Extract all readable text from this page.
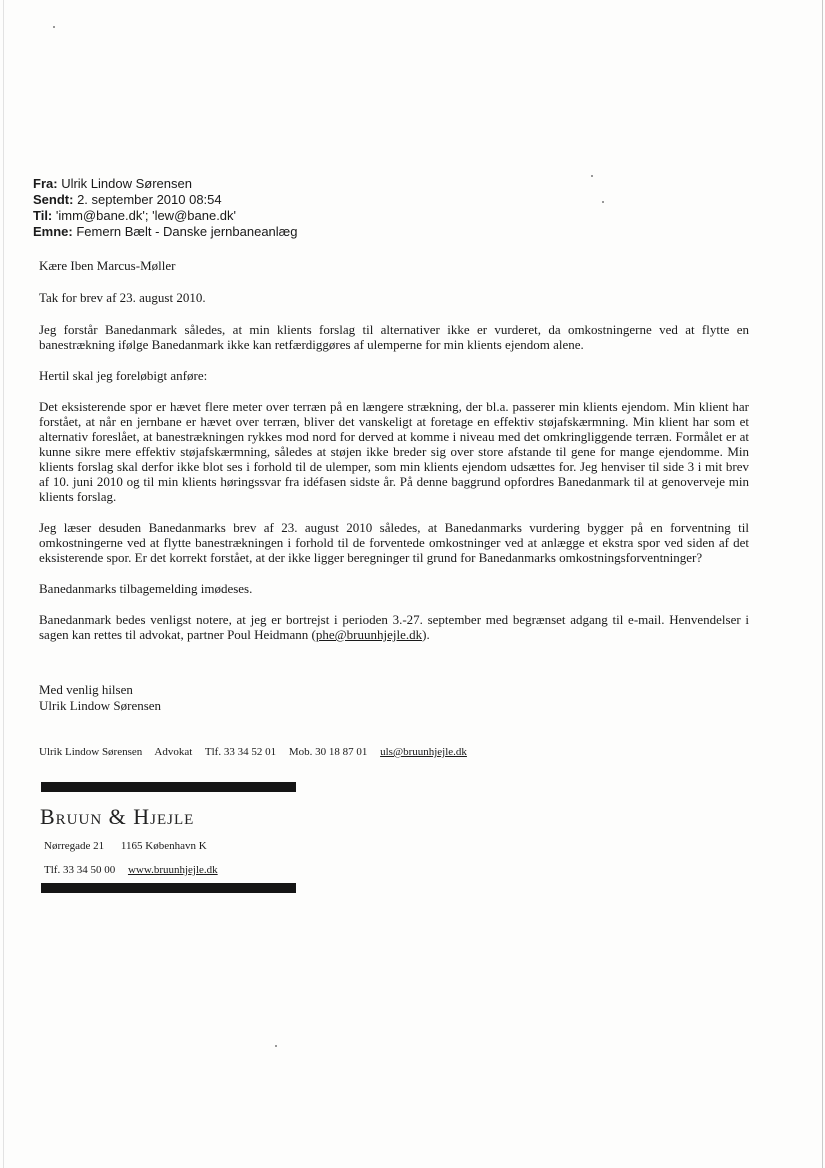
Fra: Ulrik Lindow Sørensen
Sendt: 2. september 2010 08:54
Til: 'imm@bane.dk'; 'lew@bane.dk'
Emne: Femern Bælt - Danske jernbaneanlæg

Kære Iben Marcus-Møller

Tak for brev af 23. august 2010.

Jeg forstår Banedanmark således, at min klients forslag til alternativer ikke er vurderet, da omkostningerne ved at flytte en banestrækning ifølge Banedanmark ikke kan retfærdiggøres af ulemperne for min klients ejendom alene.

Hertil skal jeg foreløbigt anføre:

Det eksisterende spor er hævet flere meter over terræn på en længere strækning, der bl.a. passerer min klients ejendom. Min klient har forstået, at når en jernbane er hævet over terræn, bliver det vanskeligt at foretage en effektiv støjafskærmning. Min klient har som et alternativ foreslået, at banestrækningen rykkes mod nord for derved at komme i niveau med det omkringliggende terræn. Formålet er at kunne sikre mere effektiv støjafskærmning, således at støjen ikke breder sig over store afstande til gene for mange ejendomme. Min klients forslag skal derfor ikke blot ses i forhold til de ulemper, som min klients ejendom udsættes for. Jeg henviser til side 3 i mit brev af 10. juni 2010 og til min klients høringssvar fra idéfasen sidste år. På denne baggrund opfordres Banedanmark til at genoverveje min klients forslag.

Jeg læser desuden Banedanmarks brev af 23. august 2010 således, at Banedanmarks vurdering bygger på en forventning til omkostningerne ved at flytte banestrækningen i forhold til de forventede omkostninger ved at anlægge et ekstra spor ved siden af det eksisterende spor. Er det korrekt forstået, at der ikke ligger beregninger til grund for Banedanmarks omkostningsforventninger?

Banedanmarks tilbagemelding imødeses.

Banedanmark bedes venligst notere, at jeg er bortrejst i perioden 3.-27. september med begrænset adgang til e-mail. Henvendelser i sagen kan rettes til advokat, partner Poul Heidmann (phe@bruunhjejle.dk).

Med venlig hilsen
Ulrik Lindow Sørensen
Ulrik Lindow Sørensen Advokat Tlf. 33 34 52 01 Mob. 30 18 87 01 uls@bruunhjejle.dk
Bruun & Hjejle
Nørregade 21 1165 København K
Tlf. 33 34 50 00 www.bruunhjejle.dk
